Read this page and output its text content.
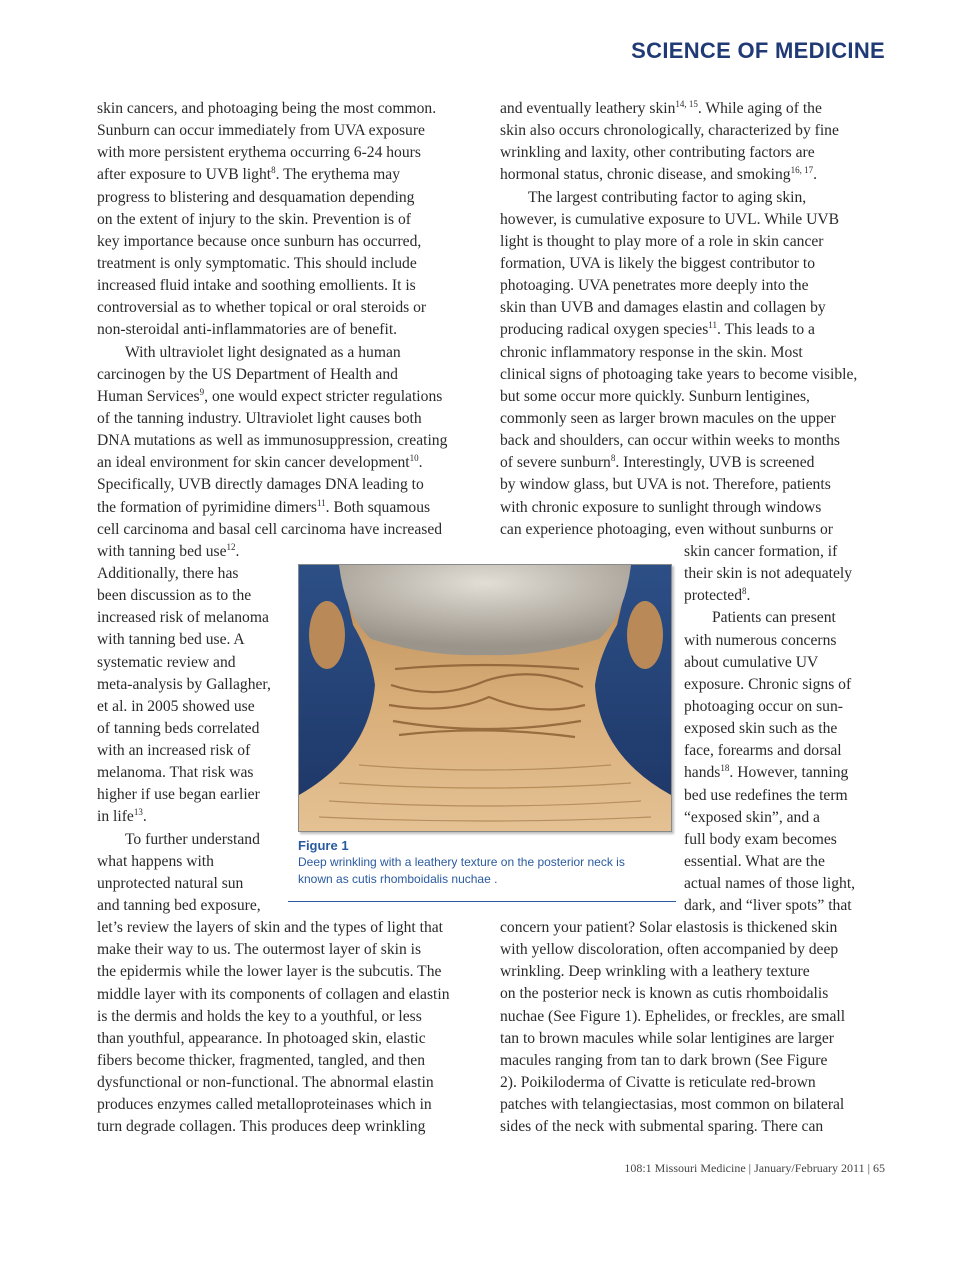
SCIENCE OF MEDICINE
skin cancers, and photoaging being the most common.
Sunburn can occur immediately from UVA exposure
with more persistent erythema occurring 6-24 hours
after exposure to UVB light$^8$. The erythema may
progress to blistering and desquamation depending
on the extent of injury to the skin. Prevention is of
key importance because once sunburn has occurred,
treatment is only symptomatic. This should include
increased fluid intake and soothing emollients. It is
controversial as to whether topical or oral steroids or
non-steroidal anti-inflammatories are of benefit.
With ultraviolet light designated as a human
carcinogen by the US Department of Health and
Human Services$^9$, one would expect stricter regulations
of the tanning industry. Ultraviolet light causes both
DNA mutations as well as immunosuppression, creating
an ideal environment for skin cancer development$^{10}$.
Specifically, UVB directly damages DNA leading to
the formation of pyrimidine dimers$^{11}$. Both squamous
cell carcinoma and basal cell carcinoma have increased
with tanning bed use$^{12}$.
Additionally, there has
been discussion as to the
increased risk of melanoma
with tanning bed use. A
systematic review and
meta-analysis by Gallagher,
et al. in 2005 showed use
of tanning beds correlated
with an increased risk of
melanoma. That risk was
higher if use began earlier
in life$^{13}$.
To further understand
what happens with
unprotected natural sun
and tanning bed exposure,
let’s review the layers of skin and the types of light that
make their way to us. The outermost layer of skin is
the epidermis while the lower layer is the subcutis. The
middle layer with its components of collagen and elastin
is the dermis and holds the key to a youthful, or less
than youthful, appearance. In photoaged skin, elastic
fibers become thicker, fragmented, tangled, and then
dysfunctional or non-functional. The abnormal elastin
produces enzymes called metalloproteinases which in
turn degrade collagen. This produces deep wrinkling
and eventually leathery skin$^{14, 15}$. While aging of the
skin also occurs chronologically, characterized by fine
wrinkling and laxity, other contributing factors are
hormonal status, chronic disease, and smoking$^{16, 17}$.
The largest contributing factor to aging skin,
however, is cumulative exposure to UVL. While UVB
light is thought to play more of a role in skin cancer
formation, UVA is likely the biggest contributor to
photoaging. UVA penetrates more deeply into the
skin than UVB and damages elastin and collagen by
producing radical oxygen species$^{11}$. This leads to a
chronic inflammatory response in the skin. Most
clinical signs of photoaging take years to become visible,
but some occur more quickly. Sunburn lentigines,
commonly seen as larger brown macules on the upper
back and shoulders, can occur within weeks to months
of severe sunburn$^8$. Interestingly, UVB is screened
by window glass, but UVA is not. Therefore, patients
with chronic exposure to sunlight through windows
can experience photoaging, even without sunburns or
skin cancer formation, if
their skin is not adequately
protected$^8$.
Patients can present
with numerous concerns
about cumulative UV
exposure. Chronic signs of
photoaging occur on sun-
exposed skin such as the
face, forearms and dorsal
hands$^{18}$. However, tanning
bed use redefines the term
“exposed skin”, and a
full body exam becomes
essential. What are the
actual names of those light,
dark, and “liver spots” that
concern your patient? Solar elastosis is thickened skin
with yellow discoloration, often accompanied by deep
wrinkling. Deep wrinkling with a leathery texture
on the posterior neck is known as cutis rhomboidalis
nuchae (See Figure 1). Ephelides, or freckles, are small
tan to brown macules while solar lentigines are larger
macules ranging from tan to dark brown (See Figure
2). Poikiloderma of Civatte is reticulate red-brown
patches with telangiectasias, most common on bilateral
sides of the neck with submental sparing. There can
Figure 1
Deep wrinkling with a leathery texture on the posterior neck is
known as cutis rhomboidalis nuchae .
108:1 Missouri Medicine | January/February 2011 | 65
